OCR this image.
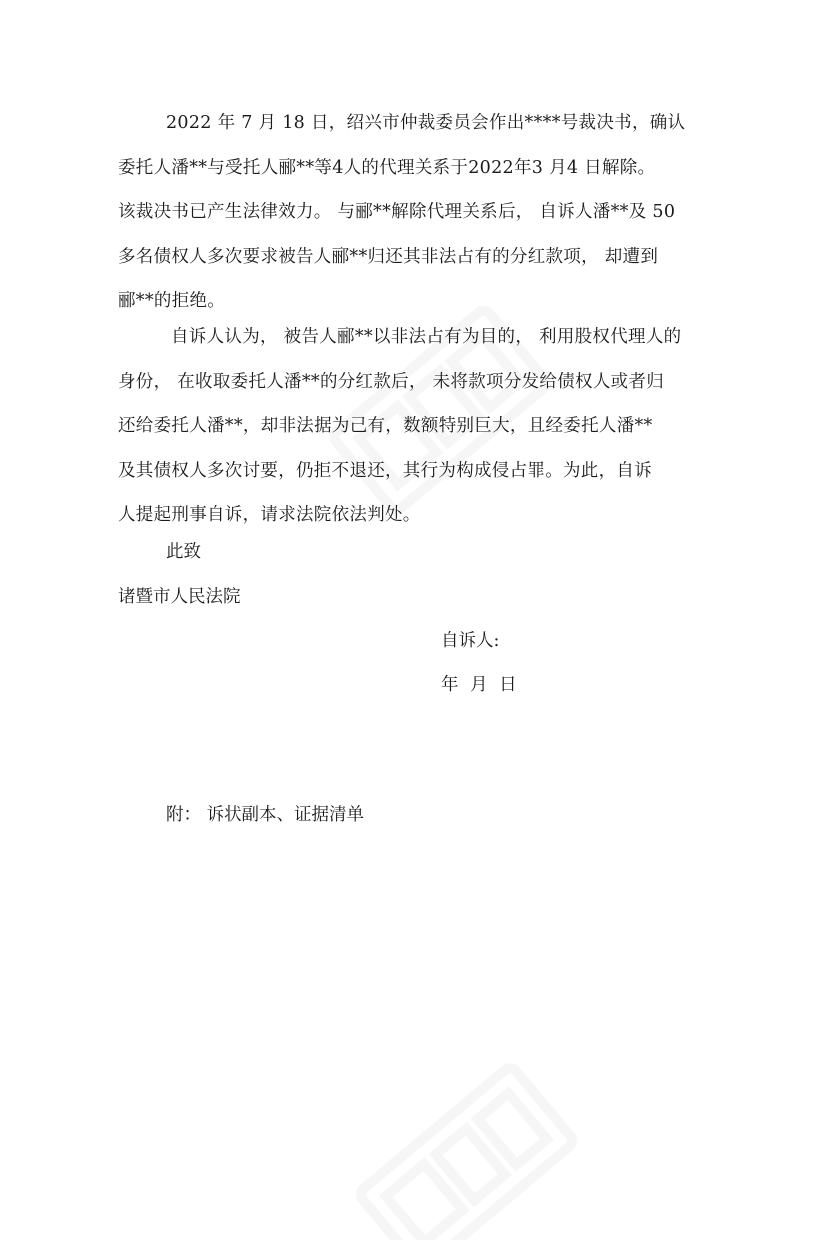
2022 年 7 月 18 日，绍兴市仲裁委员会作出****号裁决书，确认
委托人潘**与受托人郦**等4人的代理关系于2022年3 月4 日解除。
该裁决书已产生法律效力。 与郦**解除代理关系后， 自诉人潘**及 50
多名债权人多次要求被告人郦**归还其非法占有的分红款项， 却遭到
郦**的拒绝。
自诉人认为， 被告人郦**以非法占有为目的， 利用股权代理人的
身份， 在收取委托人潘**的分红款后， 未将款项分发给债权人或者归
还给委托人潘**，却非法据为己有，数额特别巨大，且经委托人潘**
及其债权人多次讨要，仍拒不退还，其行为构成侵占罪。为此，自诉
人提起刑事自诉，请求法院依法判处。

此致

诸暨市人民法院

自诉人:

年 月 日

附： 诉状副本、证据清单
